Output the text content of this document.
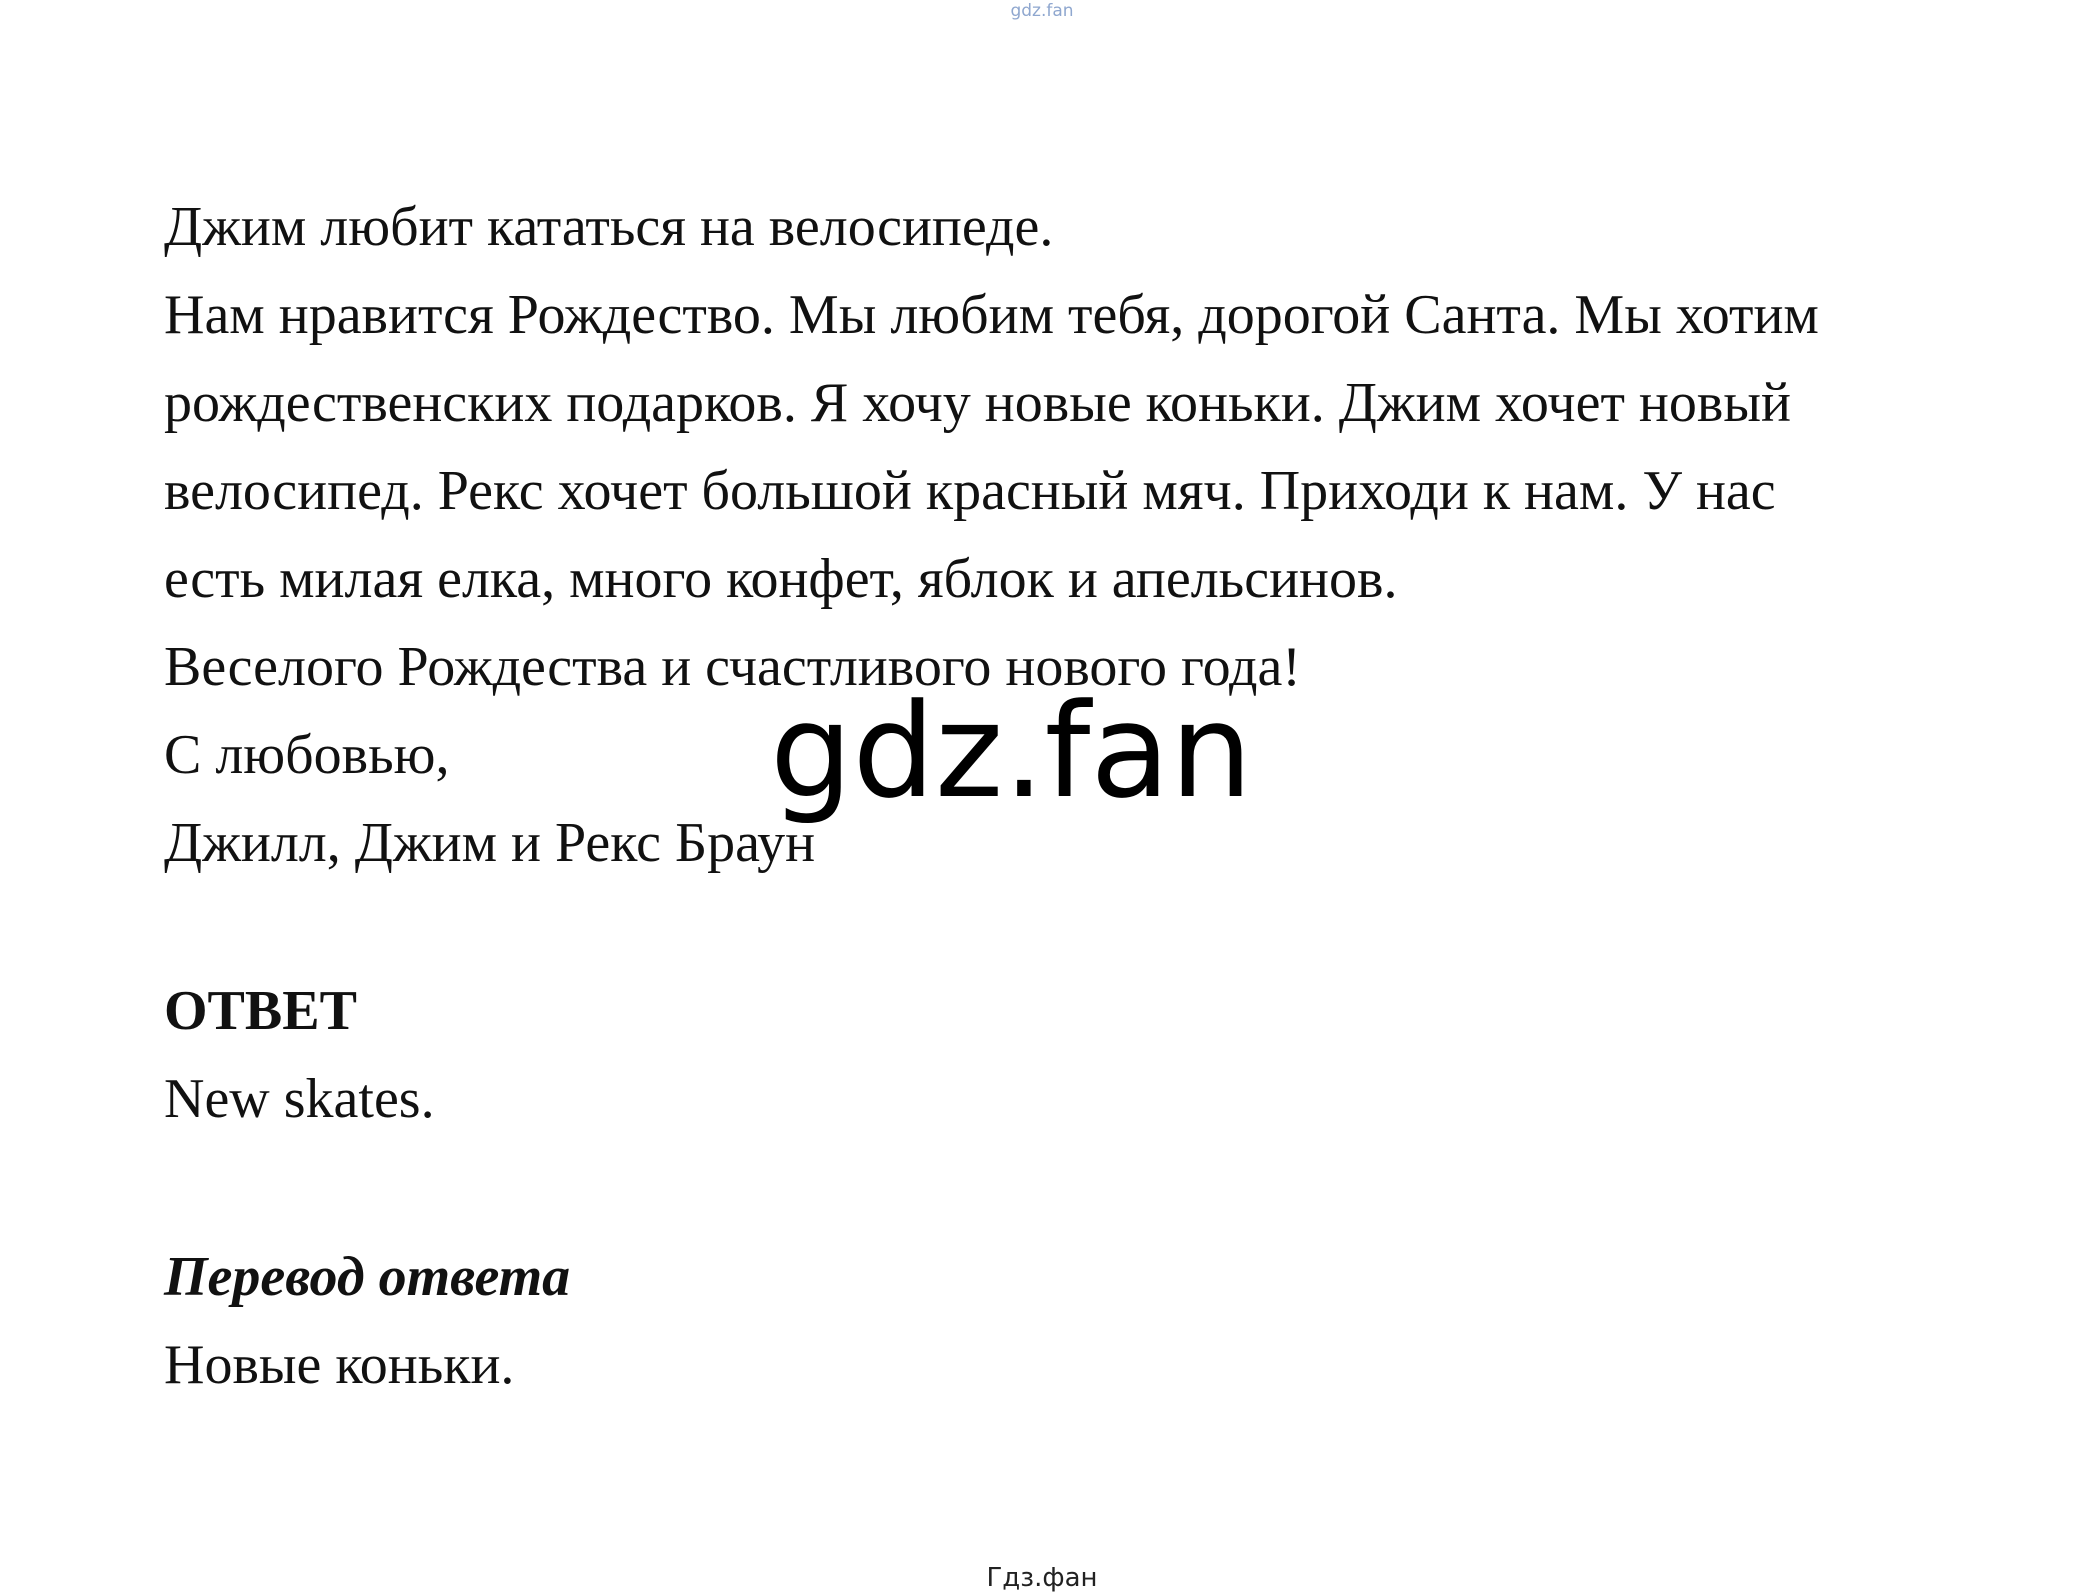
gdz.fan
Джим любит кататься на велосипеде.
Нам нравится Рождество. Мы любим тебя, дорогой Санта. Мы хотим
рождественских подарков. Я хочу новые коньки. Джим хочет новый
велосипед. Рекс хочет большой красный мяч. Приходи к нам. У нас
есть милая елка, много конфет, яблок и апельсинов.
Веселого Рождества и счастливого нового года!
С любовью,
Джилл, Джим и Рекс Браун
ОТВЕТ
New skates.
Перевод ответа
Новые коньки.
gdz.fan
Гдз.фан
